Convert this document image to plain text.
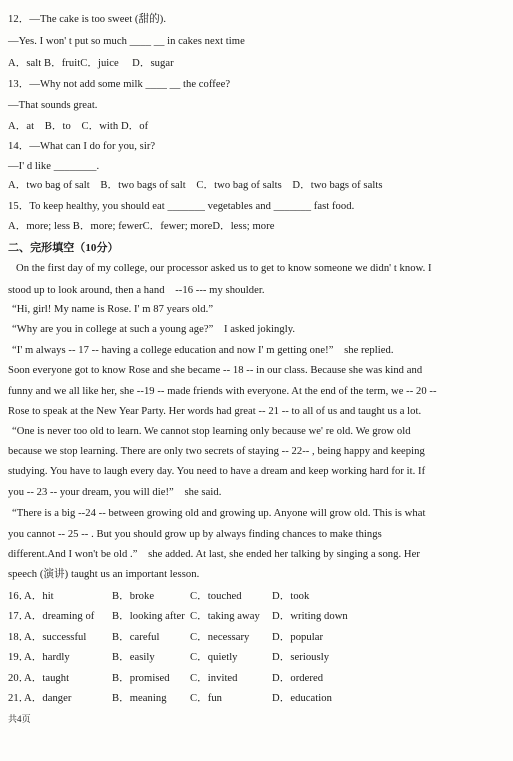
12．—The cake is too sweet (甜的).
—Yes. I won' t put so much ____ __ in cakes next time
A．salt B．fruitC．juice　 D．sugar
13．—Why not add some milk ____ __ the coffee?
—That sounds great.
A．at　B．to　C．with D．of
14．—What can I do for you, sir?
—I' d like ________.
A．two bag of salt　B．two bags of salt　C．two bag of salts　D．two bags of salts
15．To keep healthy, you should eat _______ vegetables and _______ fast food.
A．more; less B．more; fewerC．fewer; moreD．less; more
二、完形填空（10分）
On the first day of my college, our processor asked us to get to know someone we didn' t know. I
stood up to look around, then a hand　--16 --- my shoulder.
“Hi, girl! My name is Rose. I' m 87 years old.”
“Why are you in college at such a young age?”　I asked jokingly.
“I' m always -- 17 -- having a college education and now I' m getting one!”　she replied.
Soon everyone got to know Rose and she became -- 18 -- in our class. Because she was kind and
funny and we all like her, she --19 -- made friends with everyone. At the end of the term, we -- 20 --
Rose to speak at the New Year Party. Her words had great -- 21 -- to all of us and taught us a lot.
“One is never too old to learn. We cannot stop learning only because we' re old. We grow old
because we stop learning. There are only two secrets of staying -- 22-- , being happy and keeping
studying. You have to laugh every day. You need to have a dream and keep working hard for it. If
you -- 23 -- your dream, you will die!”　she said.
“There is a big --24 -- between growing old and growing up. Anyone will grow old. This is what
you cannot -- 25 -- . But you should grow up by always finding chances to make things
different.And I won't be old .”　she added. At last, she ended her talking by singing a song. Her
speech (演讲) taught us an important lesson.
16．
A．hit	B．broke	C．touched	D．took
17．
A．dreaming of B．looking after C．taking away D．writing down
18．
A．successful B．careful	C．necessary D．popular
19．
A．hardly	B．easily	C．quietly	D．seriously
20．
A．taught	B．promised C．invited	D．ordered
21．
A．danger	B．meaning C．fun	D．education
共4页
